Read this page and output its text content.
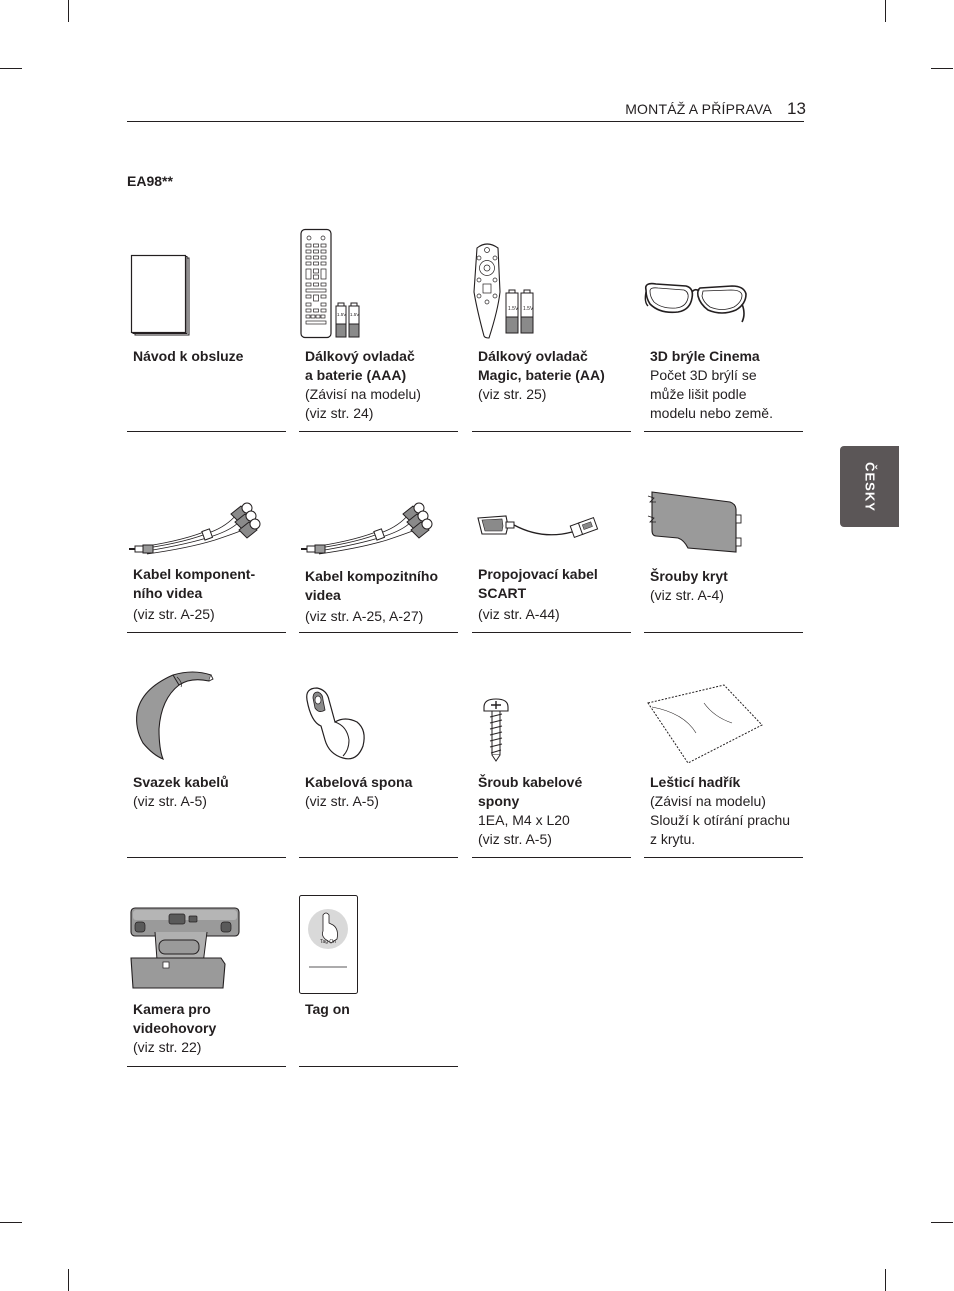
MONTÁŽ A PŘÍPRAVA 13
EA98**
ČESKY
Návod k obsluze
1.5V 1.5V
Dálkový ovladač
a baterie (AAA)
(Závisí na modelu)
(viz str. 24)
1.5V 1.5V
Dálkový ovladač
Magic, baterie (AA)
(viz str. 25)
3D brýle Cinema
Počet 3D brýlí se
může lišit podle
modelu nebo země.
Kabel komponent-
ního videa
(viz str. A-25)
Kabel kompozitního
videa
(viz str. A-25, A-27)
Propojovací kabel
SCART
(viz str. A-44)
Šrouby kryt
(viz str. A-4)
Svazek kabelů
(viz str. A-5)
Kabelová spona
(viz str. A-5)
Šroub kabelové
spony
1EA, M4 x L20
(viz str. A-5)
Lešticí hadřík
(Závisí na modelu)
Slouží k otírání prachu
z krytu.
Kamera pro
videohovory
(viz str. 22)
Tag On
Tag on
